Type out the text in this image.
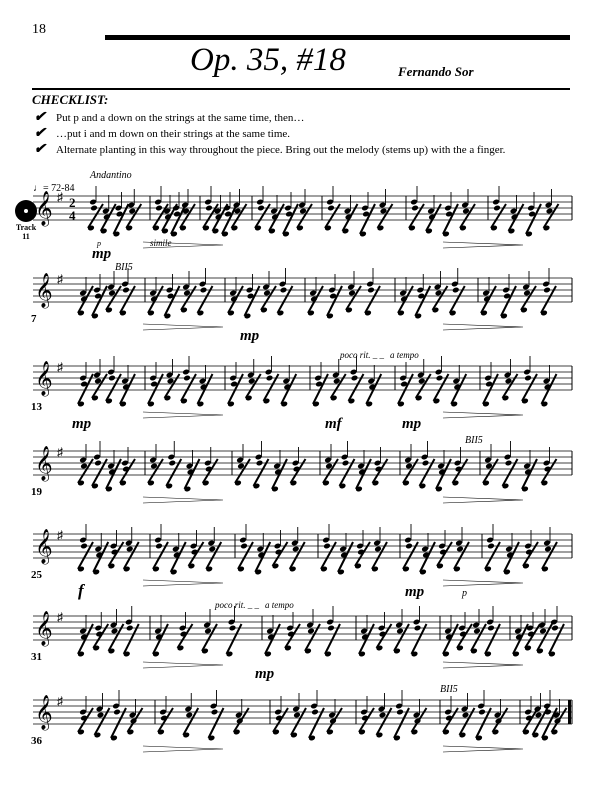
18
Op. 35, #18	Fernando Sor
CHECKLIST:
✔ Put p and a down on the strings at the same time, then…
✔ …put i and m down on their strings at the same time.
✔ Alternate planting in this way throughout the piece. Bring out the melody (stems up) with the a finger.
Andantino
♩= 72-84
Track
11
𝄞 ♯ 2
4
mp
p	simile
𝄞 ♯
7
BII5
mp
𝄞 ♯
13
mp
poco rit. _ _ a tempo
mf	mp
𝄞 ♯
19
BII5
𝄞 ♯
25
f	mp	p
𝄞 ♯
31
poco rit. _ _ a tempo
mp
𝄞 ♯
36
BII5
